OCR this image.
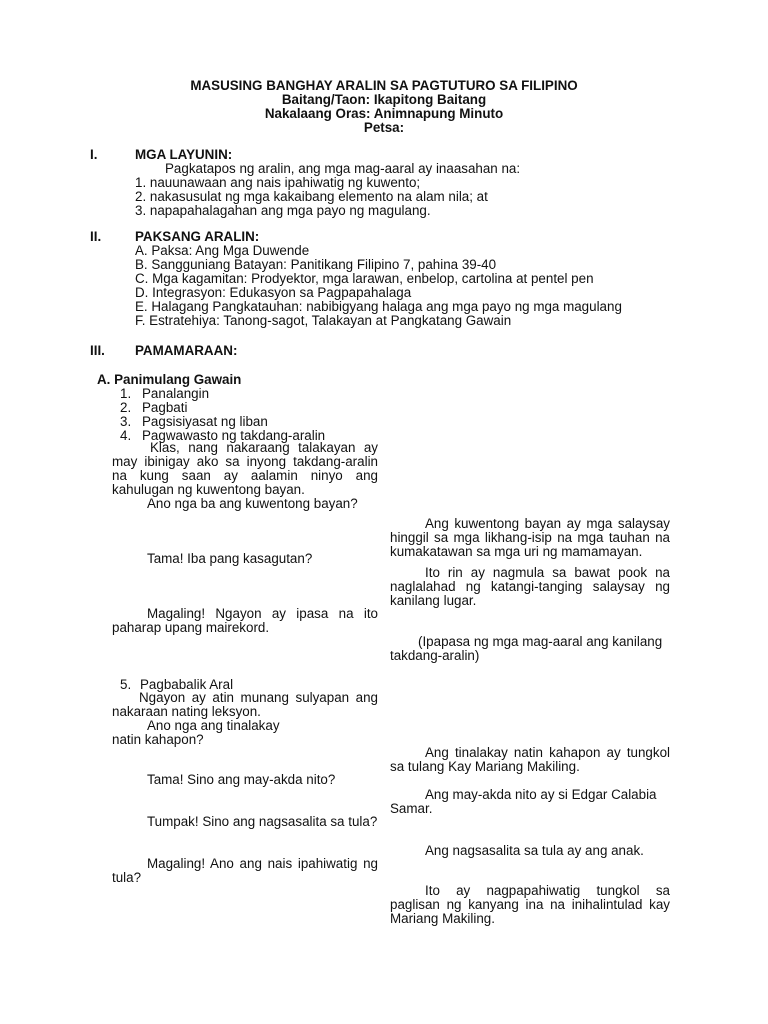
MASUSING BANGHAY ARALIN SA PAGTUTURO SA FILIPINO
Baitang/Taon: Ikapitong Baitang
Nakalaang Oras: Animnapung Minuto
Petsa:
I.	MGA LAYUNIN:
Pagkatapos ng aralin, ang mga mag-aaral ay inaasahan na:
1. nauunawaan ang nais ipahiwatig ng kuwento;
2. nakasusulat ng mga kakaibang elemento na alam nila; at
3. napapahalagahan ang mga payo ng magulang.
II.	PAKSANG ARALIN:
A. Paksa: Ang Mga Duwende
B. Sangguniang Batayan: Panitikang Filipino 7, pahina 39-40
C. Mga kagamitan: Prodyektor, mga larawan, enbelop, cartolina at pentel pen
D. Integrasyon: Edukasyon sa Pagpapahalaga
E. Halagang Pangkatauhan: nabibigyang halaga ang mga payo ng mga magulang
F. Estratehiya: Tanong-sagot, Talakayan at Pangkatang Gawain
III. PAMAMARAAN:
A. Panimulang Gawain
1. Panalangin
2. Pagbati
3. Pagsisiyasat ng liban
4. Pagwawasto ng takdang-aralin
Klas, nang nakaraang talakayan ay may ibinigay ako sa inyong takdang-aralin na kung saan ay aalamin ninyo ang kahulugan ng kuwentong bayan.
Ano nga ba ang kuwentong bayan?
Tama! Iba pang kasagutan?
Magaling! Ngayon ay ipasa na ito paharap upang mairekord.
5. Pagbabalik Aral
Ngayon ay atin munang sulyapan ang nakaraan nating leksyon.
Ano nga ang tinalakay natin kahapon?
Tama! Sino ang may-akda nito?
Tumpak! Sino ang nagsasalita sa tula?
Magaling! Ano ang nais ipahiwatig ng tula?
Ang kuwentong bayan ay mga salaysay hinggil sa mga likhang-isip na mga tauhan na kumakatawan sa mga uri ng mamamayan.
Ito rin ay nagmula sa bawat pook na naglalahad ng katangi-tanging salaysay ng kanilang lugar.
(Ipapasa ng mga mag-aaral ang kanilang takdang-aralin)
Ang tinalakay natin kahapon ay tungkol sa tulang Kay Mariang Makiling.
Ang may-akda nito ay si Edgar Calabia Samar.
Ang nagsasalita sa tula ay ang anak.
Ito ay nagpapahiwatig tungkol sa paglisan ng kanyang ina na inihalintulad kay Mariang Makiling.
